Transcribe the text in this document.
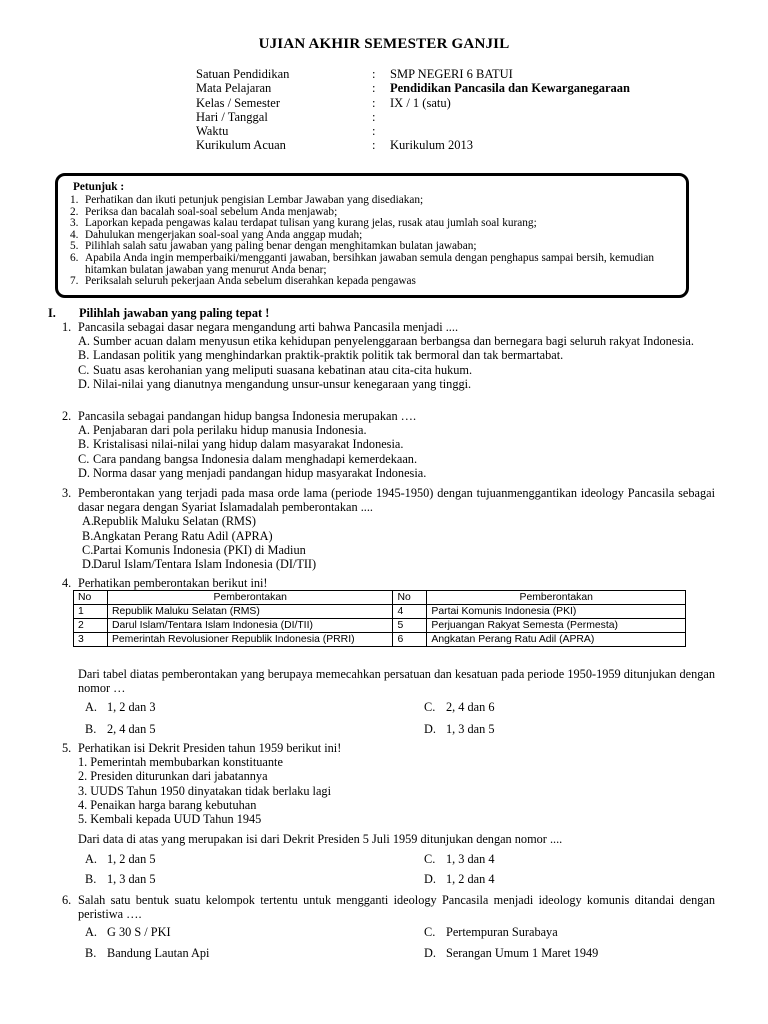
UJIAN AKHIR SEMESTER GANJIL
Satuan Pendidikan	: SMP NEGERI 6 BATUI
Mata Pelajaran	: Pendidikan Pancasila dan Kewarganegaraan
Kelas / Semester	: IX / 1 (satu)
Hari / Tanggal	:
Waktu	:
Kurikulum Acuan	: Kurikulum 2013
Petunjuk :
1. Perhatikan dan ikuti petunjuk pengisian Lembar Jawaban yang disediakan;
2. Periksa dan bacalah soal-soal sebelum Anda menjawab;
3. Laporkan kepada pengawas kalau terdapat tulisan yang kurang jelas, rusak atau jumlah soal kurang;
4. Dahulukan mengerjakan soal-soal yang Anda anggap mudah;
5. Pilihlah salah satu jawaban yang paling benar dengan menghitamkan bulatan jawaban;
6. Apabila Anda ingin memperbaiki/mengganti jawaban, bersihkan jawaban semula dengan penghapus sampai bersih, kemudian hitamkan bulatan jawaban yang menurut Anda benar;
7. Periksalah seluruh pekerjaan Anda sebelum diserahkan kepada pengawas
I. Pilihlah jawaban yang paling tepat !
1. Pancasila sebagai dasar negara mengandung arti bahwa Pancasila menjadi ....
A. Sumber acuan dalam menyusun etika kehidupan penyelenggaraan berbangsa dan bernegara bagi seluruh rakyat Indonesia.
B. Landasan politik yang menghindarkan praktik-praktik politik tak bermoral dan tak bermartabat.
C. Suatu asas kerohanian yang meliputi suasana kebatinan atau cita-cita hukum.
D. Nilai-nilai yang dianutnya mengandung unsur-unsur kenegaraan yang tinggi.
2. Pancasila sebagai pandangan hidup bangsa Indonesia merupakan ….
A. Penjabaran dari pola perilaku hidup manusia Indonesia.
B. Kristalisasi nilai-nilai yang hidup dalam masyarakat Indonesia.
C. Cara pandang bangsa Indonesia dalam menghadapi kemerdekaan.
D. Norma dasar yang menjadi pandangan hidup masyarakat Indonesia.
3. Pemberontakan yang terjadi pada masa orde lama (periode 1945-1950) dengan tujuanmenggantikan ideology Pancasila sebagai dasar negara dengan Syariat Islamadalah pemberontakan ....
A. Republik Maluku Selatan (RMS)
B. Angkatan Perang Ratu Adil (APRA)
C. Partai Komunis Indonesia (PKI) di Madiun
D. Darul Islam/Tentara Islam Indonesia (DI/TII)
4. Perhatikan pemberontakan berikut ini!
Dari tabel diatas pemberontakan yang berupaya memecahkan persatuan dan kesatuan pada periode 1950-1959 ditunjukan dengan nomor …
A. 1, 2 dan 3	C. 2, 4 dan 6
B. 2, 4 dan 5	D. 1, 3 dan 5
5. Perhatikan isi Dekrit Presiden tahun 1959 berikut ini!
1. Pemerintah membubarkan konstituante
2. Presiden diturunkan dari jabatannya
3. UUDS Tahun 1950 dinyatakan tidak berlaku lagi
4. Penaikan harga barang kebutuhan
5. Kembali kepada UUD Tahun 1945
Dari data di atas yang merupakan isi dari Dekrit Presiden 5 Juli 1959 ditunjukan dengan nomor ....
A. 1, 2 dan 5	C. 1, 3 dan 4
B. 1, 3 dan 5	D. 1, 2 dan 4
6. Salah satu bentuk suatu kelompok tertentu untuk mengganti ideology Pancasila menjadi ideology komunis ditandai dengan peristiwa ….
A. G 30 S / PKI	C. Pertempuran Surabaya
B. Bandung Lautan Api	D. Serangan Umum 1 Maret 1949
No	Pemberontakan	No	Pemberontakan
1	Republik Maluku Selatan (RMS)	4	Partai Komunis Indonesia (PKI)
2	Darul Islam/Tentara Islam Indonesia (DI/TII)	5	Perjuangan Rakyat Semesta (Permesta)
3	Pemerintah Revolusioner Republik Indonesia (PRRI)	6	Angkatan Perang Ratu Adil (APRA)
